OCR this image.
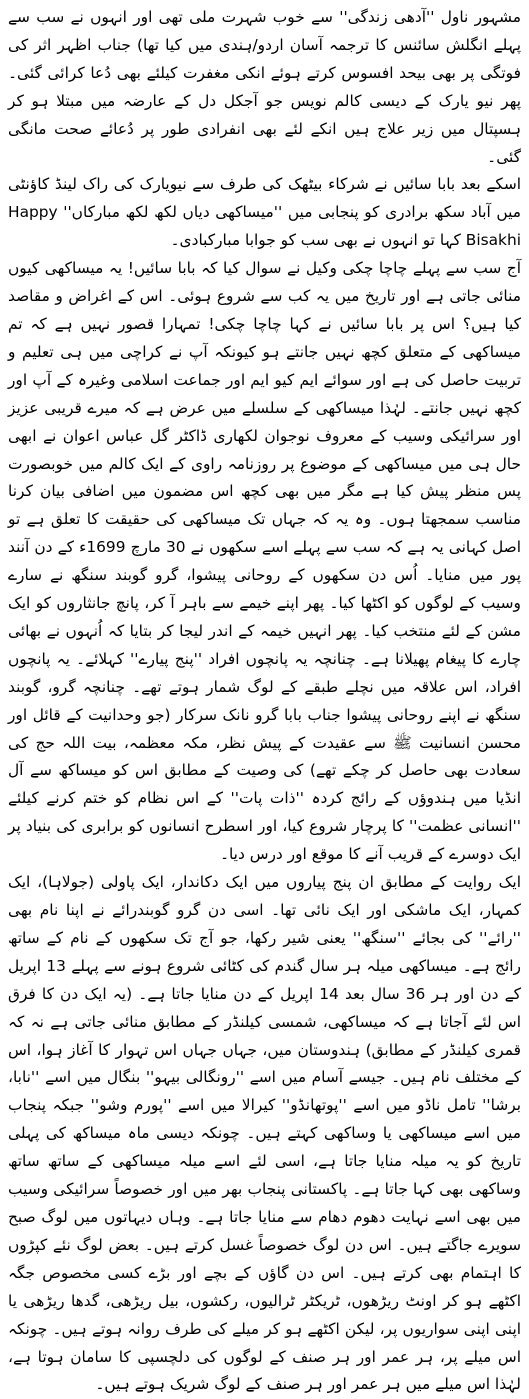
مشہور ناول ''آدھی زندگی'' سے خوب شہرت ملی تھی اور انہوں نے سب سے پہلے انگلش سائنس کا ترجمہ آسان اردو/ہندی میں کیا تھا) جناب اظہر اثر کی فوتگی پر بھی بیحد افسوس کرتے ہوئے انکی مغفرت کیلئے بھی دُعا کرائی گئی۔ پھر نیو یارک کے دیسی کالم نویس جو آجکل دل کے عارضہ میں مبتلا ہو کر ہسپتال میں زیر علاج ہیں انکے لئے بھی انفرادی طور پر دُعائے صحت مانگی گئی۔

اسکے بعد بابا سائیں نے شرکاء بیٹھک کی طرف سے نیویارک کی راک لینڈ کاؤنٹی میں آباد سکھ برادری کو پنجابی میں ''میساکھی دیاں لکھ لکھ مبارکاں'' Happy Bisakhi کہا تو انہوں نے بھی سب کو جوابا مبارکبادی۔

آج سب سے پہلے چاچا چکی وکیل نے سوال کیا کہ بابا سائیں! یہ میساکھی کیوں منائی جاتی ہے اور تاریخ میں یہ کب سے شروع ہوئی۔ اس کے اغراض و مقاصد کیا ہیں؟ اس پر بابا سائیں نے کہا چاچا چکی! تمہارا قصور نہیں ہے کہ تم میساکھی کے متعلق کچھ نہیں جانتے ہو کیونکہ آپ نے کراچی میں ہی تعلیم و تربیت حاصل کی ہے اور سوائے ایم کیو ایم اور جماعت اسلامی وغیرہ کے آپ اور کچھ نہیں جانتے۔ لہٰذا میساکھی کے سلسلے میں عرض ہے کہ میرے قریبی عزیز اور سرائیکی وسیب کے معروف نوجوان لکھاری ڈاکٹر گل عباس اعوان نے ابھی حال ہی میں میساکھی کے موضوع پر روزنامہ راوی کے ایک کالم میں خوبصورت پس منظر پیش کیا ہے مگر میں بھی کچھ اس مضمون میں اضافی بیان کرنا مناسب سمجھتا ہوں۔ وہ یہ کہ جہاں تک میساکھی کی حقیقت کا تعلق ہے تو اصل کہانی یہ ہے کہ سب سے پہلے اسے سکھوں نے 30 مارچ 1699ء کے دن آنند پور میں منایا۔ اُس دن سکھوں کے روحانی پیشوا، گرو گوبند سنگھ نے سارے وسیب کے لوگوں کو اکٹھا کیا۔ پھر اپنے خیمے سے باہر آ کر، پانچ جانثاروں کو ایک مشن کے لئے منتخب کیا۔ پھر انہیں خیمہ کے اندر لیجا کر بتایا کہ اُنہوں نے بھائی چارے کا پیغام پھیلانا ہے۔ چنانچہ یہ پانچوں افراد ''پنج پیارے'' کہلائے۔ یہ پانچوں افراد، اس علاقہ میں نچلے طبقے کے لوگ شمار ہوتے تھے۔ چنانچہ گرو، گوبند سنگھ نے اپنے روحانی پیشوا جناب بابا گرو نانک سرکار (جو وحدانیت کے قائل اور محسن انسانیت ﷺ سے عقیدت کے پیش نظر، مکہ معظمہ، بیت اللہ حج کی سعادت بھی حاصل کر چکے تھے) کی وصیت کے مطابق اس کو میساکھ سے آل انڈیا میں ہندوؤں کے رائج کردہ ''ذات پات'' کے اس نظام کو ختم کرنے کیلئے ''انسانی عظمت'' کا پرچار شروع کیا، اور اسطرح انسانوں کو برابری کی بنیاد پر ایک دوسرے کے قریب آنے کا موقع اور درس دیا۔

ایک روایت کے مطابق ان پنج پیاروں میں ایک دکاندار، ایک پاولی (جولاہا)، ایک کمہار، ایک ماشکی اور ایک نائی تھا۔ اسی دن گرو گوبندرائے نے اپنا نام بھی ''رائے'' کی بجائے ''سنگھ'' یعنی شیر رکھا، جو آج تک سکھوں کے نام کے ساتھ رائج ہے۔ میساکھی میلہ ہر سال گندم کی کٹائی شروع ہونے سے پہلے 13 اپریل کے دن اور ہر 36 سال بعد 14 اپریل کے دن منایا جاتا ہے۔ (یہ ایک دن کا فرق اس لئے آجاتا ہے کہ میساکھی، شمسی کیلنڈر کے مطابق منائی جاتی ہے نہ کہ قمری کیلنڈر کے مطابق) ہندوستان میں، جہاں جہاں اس تہوار کا آغاز ہوا، اس کے مختلف نام ہیں۔ جیسے آسام میں اسے ''رونگالی بیہو'' بنگال میں اسے ''نابا، برشا'' تامل ناڈو میں اسے ''پوتھانڈو'' کیرالا میں اسے ''پورم وشو'' جبکہ پنجاب میں اسے میساکھی یا وساکھی کہتے ہیں۔ چونکہ دیسی ماہ میساکھ کی پہلی تاریخ کو یہ میلہ منایا جاتا ہے، اسی لئے اسے میلہ میساکھی کے ساتھ ساتھ وساکھی بھی کہا جاتا ہے۔ پاکستانی پنجاب بھر میں اور خصوصاً سرائیکی وسیب میں بھی اسے نہایت دھوم دھام سے منایا جاتا ہے۔ وہاں دیہاتوں میں لوگ صبح سویرے جاگتے ہیں۔ اس دن لوگ خصوصاً غسل کرتے ہیں۔ بعض لوگ نئے کپڑوں کا اہتمام بھی کرتے ہیں۔ اس دن گاؤں کے بچے اور بڑے کسی مخصوص جگہ اکٹھے ہو کر اونٹ ریڑھوں، ٹریکٹر ٹرالیوں، رکشوں، بیل ریڑھی، گدھا ریڑھی یا اپنی اپنی سواریوں پر، لیکن اکٹھے ہو کر میلے کی طرف روانہ ہوتے ہیں۔ چونکہ اس میلے پر، ہر عمر اور ہر صنف کے لوگوں کی دلچسپی کا سامان ہوتا ہے، لہٰذا اس میلے میں ہر عمر اور ہر صنف کے لوگ شریک ہوتے ہیں۔
